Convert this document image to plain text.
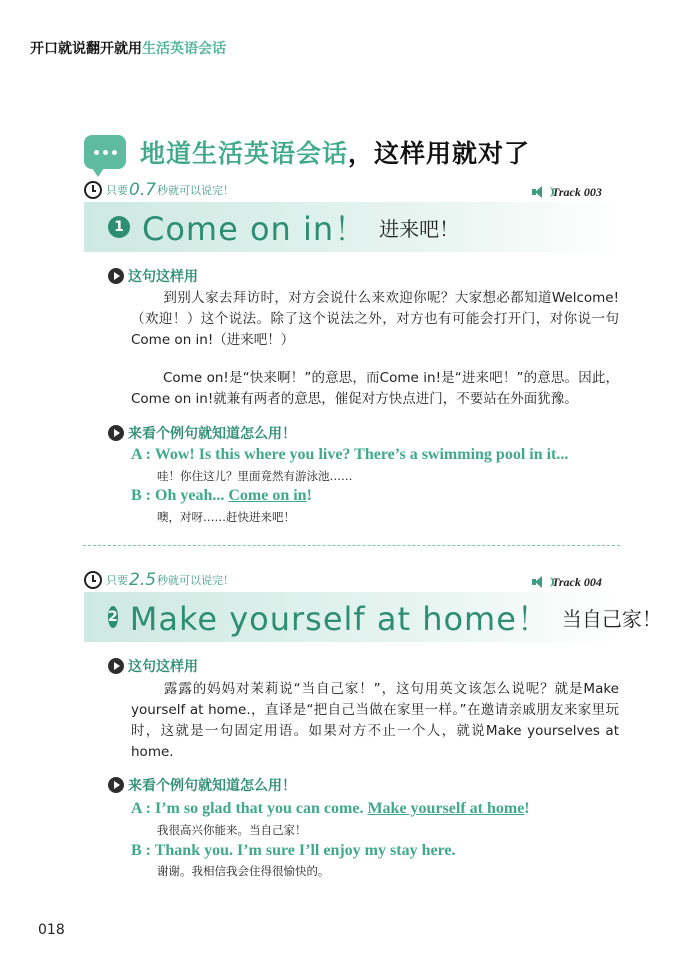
开口就说翻开就用生活英语会话
地道生活英语会话，这样用就对了
只要 0.7 秒就可以说完！	Track 003
1 Come on in！ 进来吧！
这句这样用
到别人家去拜访时，对方会说什么来欢迎你呢？大家想必都知道Welcome!（欢迎！）这个说法。除了这个说法之外，对方也有可能会打开门，对你说一句Come on in!（进来吧！）
Come on!是“快来啊！”的意思，而Come in!是“进来吧！”的意思。因此，Come on in!就兼有两者的意思，催促对方快点进门，不要站在外面犹豫。
来看个例句就知道怎么用！
A : Wow! Is this where you live? There’s a swimming pool in it...
哇！你住这儿？里面竟然有游泳池……
B : Oh yeah... Come on in!
噢，对呀……赶快进来吧！
只要 2.5 秒就可以说完！	Track 004
2 Make yourself at home！ 当自己家！
这句这样用
露露的妈妈对茉莉说“当自己家！”，这句用英文该怎么说呢？就是Make yourself at home.，直译是“把自己当做在家里一样。”在邀请亲戚朋友来家里玩时，这就是一句固定用语。如果对方不止一个人，就说Make yourselves at home.
来看个例句就知道怎么用！
A : I’m so glad that you can come. Make yourself at home!
我很高兴你能来。当自己家！
B : Thank you. I’m sure I’ll enjoy my stay here.
谢谢。我相信我会住得很愉快的。
018
